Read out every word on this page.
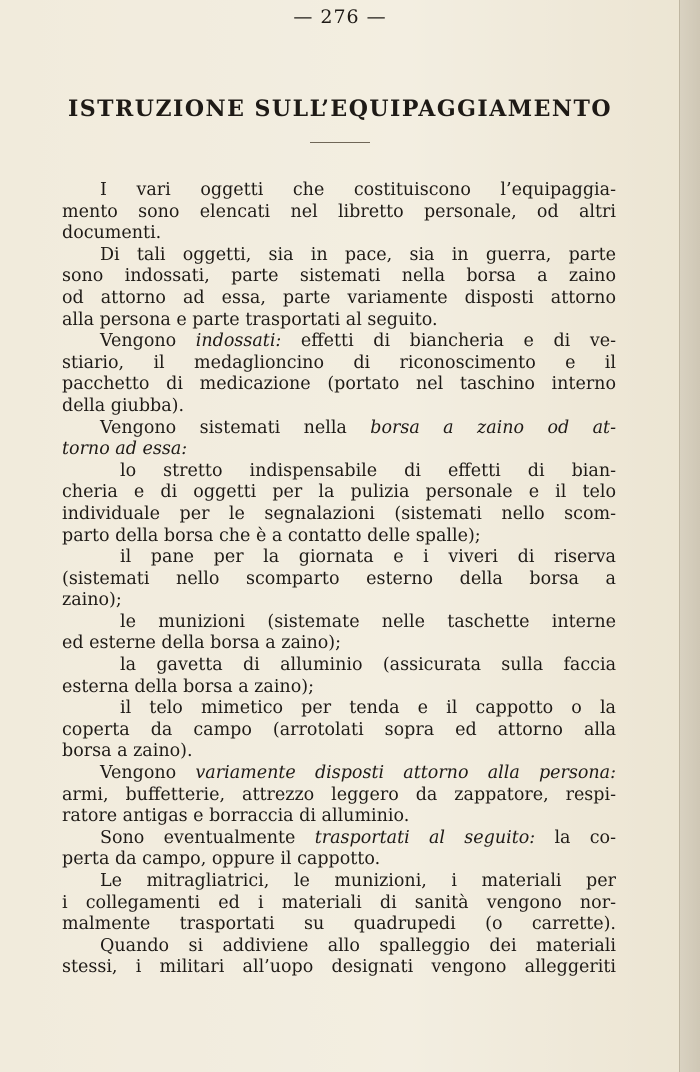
— 276 —
ISTRUZIONE SULL’EQUIPAGGIAMENTO
I vari oggetti che costituiscono l’equipaggia-
mento sono elencati nel libretto personale, od altri
documenti.
Di tali oggetti, sia in pace, sia in guerra, parte
sono indossati, parte sistemati nella borsa a zaino
od attorno ad essa, parte variamente disposti attorno
alla persona e parte trasportati al seguito.
Vengono indossati: effetti di biancheria e di ve-
stiario, il medaglioncino di riconoscimento e il
pacchetto di medicazione (portato nel taschino interno
della giubba).
Vengono sistemati nella borsa a zaino od at-
torno ad essa:
lo stretto indispensabile di effetti di bian-
cheria e di oggetti per la pulizia personale e il telo
individuale per le segnalazioni (sistemati nello scom-
parto della borsa che è a contatto delle spalle);
il pane per la giornata e i viveri di riserva
(sistemati nello scomparto esterno della borsa a
zaino);
le munizioni (sistemate nelle taschette interne
ed esterne della borsa a zaino);
la gavetta di alluminio (assicurata sulla faccia
esterna della borsa a zaino);
il telo mimetico per tenda e il cappotto o la
coperta da campo (arrotolati sopra ed attorno alla
borsa a zaino).
Vengono variamente disposti attorno alla persona:
armi, buffetterie, attrezzo leggero da zappatore, respi-
ratore antigas e borraccia di alluminio.
Sono eventualmente trasportati al seguito: la co-
perta da campo, oppure il cappotto.
Le mitragliatrici, le munizioni, i materiali per
i collegamenti ed i materiali di sanità vengono nor-
malmente trasportati su quadrupedi (o carrette).
Quando si addiviene allo spalleggio dei materiali
stessi, i militari all’uopo designati vengono alleggeriti
